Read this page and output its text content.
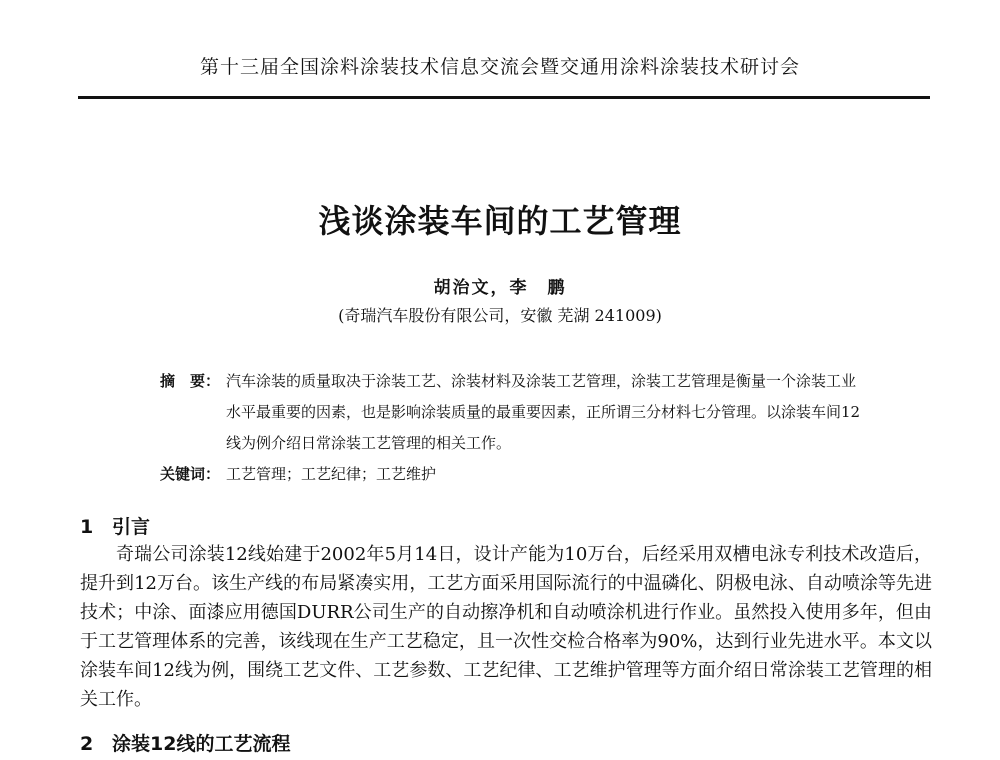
第十三届全国涂料涂装技术信息交流会暨交通用涂料涂装技术研讨会
浅谈涂装车间的工艺管理
胡治文，李　鹏
(奇瑞汽车股份有限公司，安徽 芜湖 241009)
摘　要： 汽车涂装的质量取决于涂装工艺、涂装材料及涂装工艺管理，涂装工艺管理是衡量一个涂装工业水平最重要的因素，也是影响涂装质量的最重要因素，正所谓三分材料七分管理。以涂装车间12线为例介绍日常涂装工艺管理的相关工作。
关键词： 工艺管理；工艺纪律；工艺维护
1 引言
奇瑞公司涂装12线始建于2002年5月14日，设计产能为10万台，后经采用双槽电泳专利技术改造后，提升到12万台。该生产线的布局紧凑实用，工艺方面采用国际流行的中温磷化、阴极电泳、自动喷涂等先进技术；中涂、面漆应用德国DURR公司生产的自动擦净机和自动喷涂机进行作业。虽然投入使用多年，但由于工艺管理体系的完善，该线现在生产工艺稳定，且一次性交检合格率为90%，达到行业先进水平。本文以涂装车间12线为例，围绕工艺文件、工艺参数、工艺纪律、工艺维护管理等方面介绍日常涂装工艺管理的相关工作。
2 涂装12线的工艺流程
